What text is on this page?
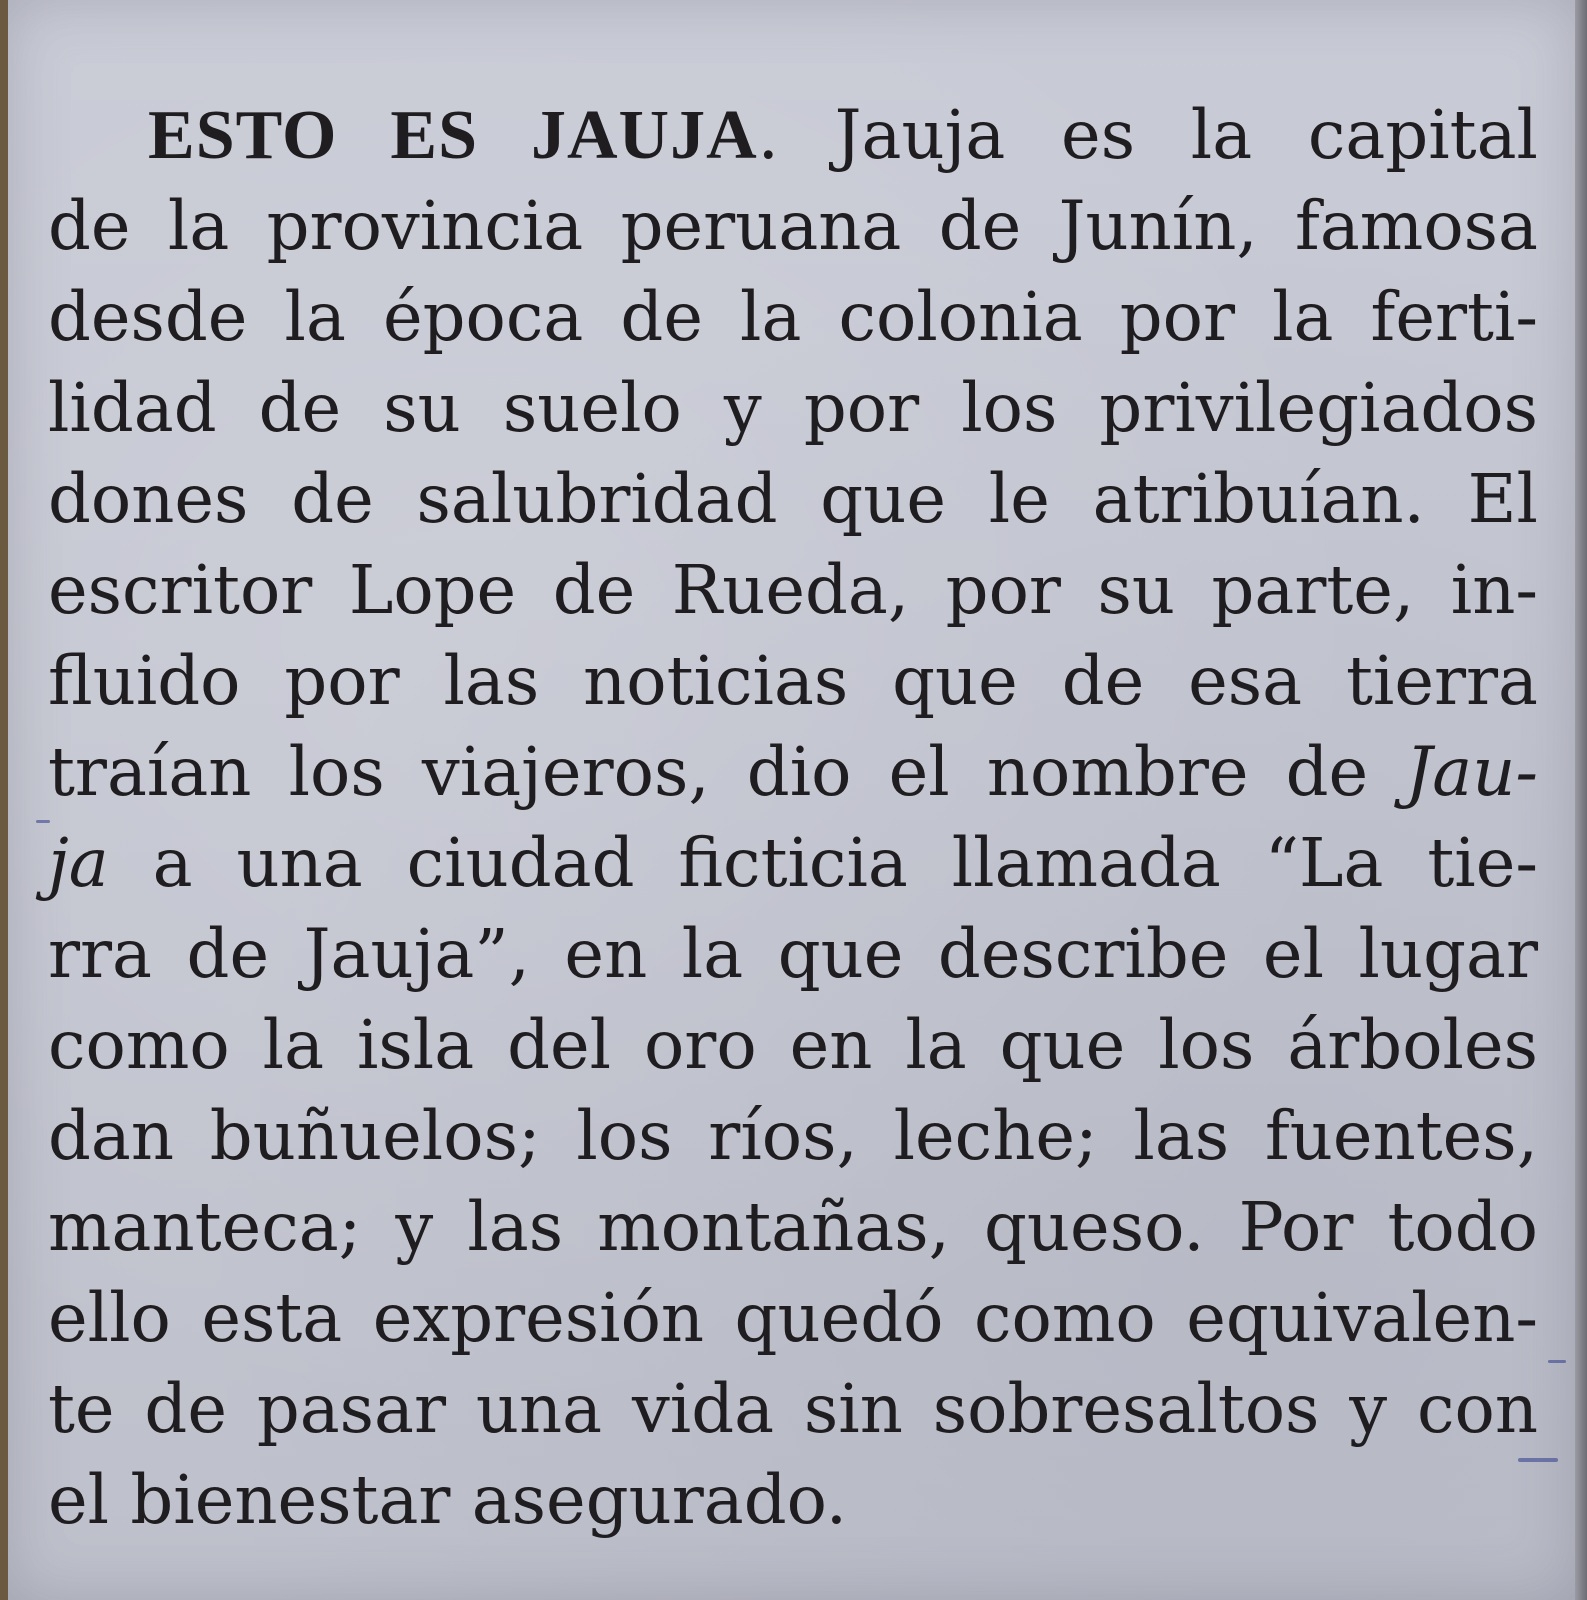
ESTO ES JAUJA. Jauja es la capital
de la provincia peruana de Junín, famosa
desde la época de la colonia por la ferti-
lidad de su suelo y por los privilegiados
dones de salubridad que le atribuían. El
escritor Lope de Rueda, por su parte, in-
fluido por las noticias que de esa tierra
traían los viajeros, dio el nombre de Jau-
ja a una ciudad ficticia llamada “La tie-
rra de Jauja”, en la que describe el lugar
como la isla del oro en la que los árboles
dan buñuelos; los ríos, leche; las fuentes,
manteca; y las montañas, queso. Por todo
ello esta expresión quedó como equivalen-
te de pasar una vida sin sobresaltos y con
el bienestar asegurado.
